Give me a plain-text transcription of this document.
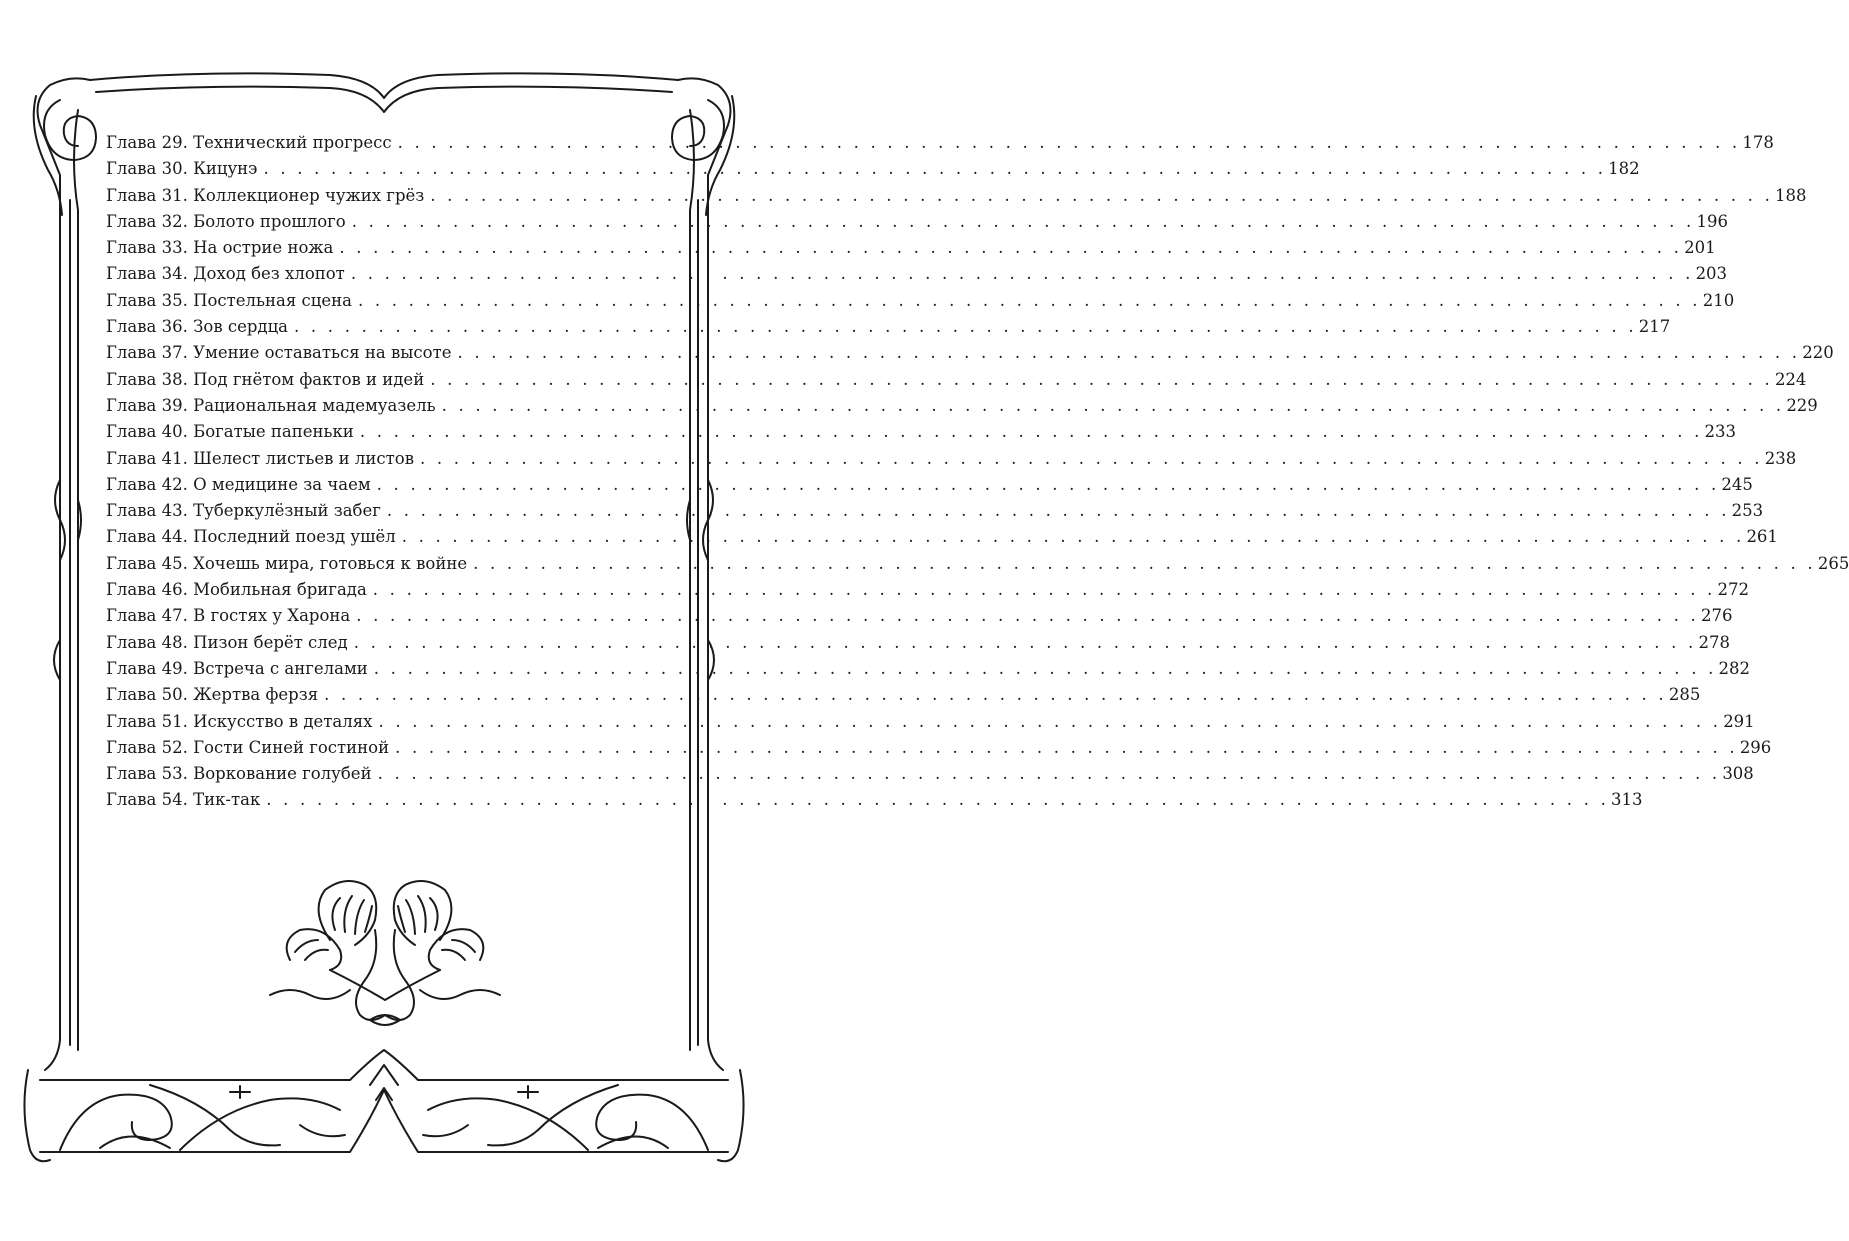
Глава 29. Технический прогресс . . . . . . . . . . . . . . . . . . . . . . . . . . . . . . . . . . . . . . . . . . . . . . . . . . . . . . . . . . . . . . . . . . . . . . . . . . . . . . . . 178
Глава 30. Кицунэ . . . . . . . . . . . . . . . . . . . . . . . . . . . . . . . . . . . . . . . . . . . . . . . . . . . . . . . . . . . . . . . . . . . . . . . . . . . . . . . . 182
Глава 31. Коллекционер чужих грёз . . . . . . . . . . . . . . . . . . . . . . . . . . . . . . . . . . . . . . . . . . . . . . . . . . . . . . . . . . . . . . . . . . . . . . . . . . . . . . . . 188
Глава 32. Болото прошлого . . . . . . . . . . . . . . . . . . . . . . . . . . . . . . . . . . . . . . . . . . . . . . . . . . . . . . . . . . . . . . . . . . . . . . . . . . . . . . . . 196
Глава 33. На острие ножа . . . . . . . . . . . . . . . . . . . . . . . . . . . . . . . . . . . . . . . . . . . . . . . . . . . . . . . . . . . . . . . . . . . . . . . . . . . . . . . . 201
Глава 34. Доход без хлопот . . . . . . . . . . . . . . . . . . . . . . . . . . . . . . . . . . . . . . . . . . . . . . . . . . . . . . . . . . . . . . . . . . . . . . . . . . . . . . . . 203
Глава 35. Постельная сцена . . . . . . . . . . . . . . . . . . . . . . . . . . . . . . . . . . . . . . . . . . . . . . . . . . . . . . . . . . . . . . . . . . . . . . . . . . . . . . . . 210
Глава 36. Зов сердца . . . . . . . . . . . . . . . . . . . . . . . . . . . . . . . . . . . . . . . . . . . . . . . . . . . . . . . . . . . . . . . . . . . . . . . . . . . . . . . . 217
Глава 37. Умение оставаться на высоте . . . . . . . . . . . . . . . . . . . . . . . . . . . . . . . . . . . . . . . . . . . . . . . . . . . . . . . . . . . . . . . . . . . . . . . . . . . . . . . . 220
Глава 38. Под гнётом фактов и идей . . . . . . . . . . . . . . . . . . . . . . . . . . . . . . . . . . . . . . . . . . . . . . . . . . . . . . . . . . . . . . . . . . . . . . . . . . . . . . . . 224
Глава 39. Рациональная мадемуазель . . . . . . . . . . . . . . . . . . . . . . . . . . . . . . . . . . . . . . . . . . . . . . . . . . . . . . . . . . . . . . . . . . . . . . . . . . . . . . . . 229
Глава 40. Богатые папеньки . . . . . . . . . . . . . . . . . . . . . . . . . . . . . . . . . . . . . . . . . . . . . . . . . . . . . . . . . . . . . . . . . . . . . . . . . . . . . . . . 233
Глава 41. Шелест листьев и листов . . . . . . . . . . . . . . . . . . . . . . . . . . . . . . . . . . . . . . . . . . . . . . . . . . . . . . . . . . . . . . . . . . . . . . . . . . . . . . . . 238
Глава 42. О медицине за чаем . . . . . . . . . . . . . . . . . . . . . . . . . . . . . . . . . . . . . . . . . . . . . . . . . . . . . . . . . . . . . . . . . . . . . . . . . . . . . . . . 245
Глава 43. Туберкулёзный забег . . . . . . . . . . . . . . . . . . . . . . . . . . . . . . . . . . . . . . . . . . . . . . . . . . . . . . . . . . . . . . . . . . . . . . . . . . . . . . . . 253
Глава 44. Последний поезд ушёл . . . . . . . . . . . . . . . . . . . . . . . . . . . . . . . . . . . . . . . . . . . . . . . . . . . . . . . . . . . . . . . . . . . . . . . . . . . . . . . . 261
Глава 45. Хочешь мира, готовься к войне . . . . . . . . . . . . . . . . . . . . . . . . . . . . . . . . . . . . . . . . . . . . . . . . . . . . . . . . . . . . . . . . . . . . . . . . . . . . . . . . 265
Глава 46. Мобильная бригада . . . . . . . . . . . . . . . . . . . . . . . . . . . . . . . . . . . . . . . . . . . . . . . . . . . . . . . . . . . . . . . . . . . . . . . . . . . . . . . . 272
Глава 47. В гостях у Харона . . . . . . . . . . . . . . . . . . . . . . . . . . . . . . . . . . . . . . . . . . . . . . . . . . . . . . . . . . . . . . . . . . . . . . . . . . . . . . . . 276
Глава 48. Пизон берёт след . . . . . . . . . . . . . . . . . . . . . . . . . . . . . . . . . . . . . . . . . . . . . . . . . . . . . . . . . . . . . . . . . . . . . . . . . . . . . . . . 278
Глава 49. Встреча с ангелами . . . . . . . . . . . . . . . . . . . . . . . . . . . . . . . . . . . . . . . . . . . . . . . . . . . . . . . . . . . . . . . . . . . . . . . . . . . . . . . . 282
Глава 50. Жертва ферзя . . . . . . . . . . . . . . . . . . . . . . . . . . . . . . . . . . . . . . . . . . . . . . . . . . . . . . . . . . . . . . . . . . . . . . . . . . . . . . . . 285
Глава 51. Искусство в деталях . . . . . . . . . . . . . . . . . . . . . . . . . . . . . . . . . . . . . . . . . . . . . . . . . . . . . . . . . . . . . . . . . . . . . . . . . . . . . . . . 291
Глава 52. Гости Синей гостиной . . . . . . . . . . . . . . . . . . . . . . . . . . . . . . . . . . . . . . . . . . . . . . . . . . . . . . . . . . . . . . . . . . . . . . . . . . . . . . . . 296
Глава 53. Воркование голубей . . . . . . . . . . . . . . . . . . . . . . . . . . . . . . . . . . . . . . . . . . . . . . . . . . . . . . . . . . . . . . . . . . . . . . . . . . . . . . . . 308
Глава 54. Тик-так . . . . . . . . . . . . . . . . . . . . . . . . . . . . . . . . . . . . . . . . . . . . . . . . . . . . . . . . . . . . . . . . . . . . . . . . . . . . . . . . 313
